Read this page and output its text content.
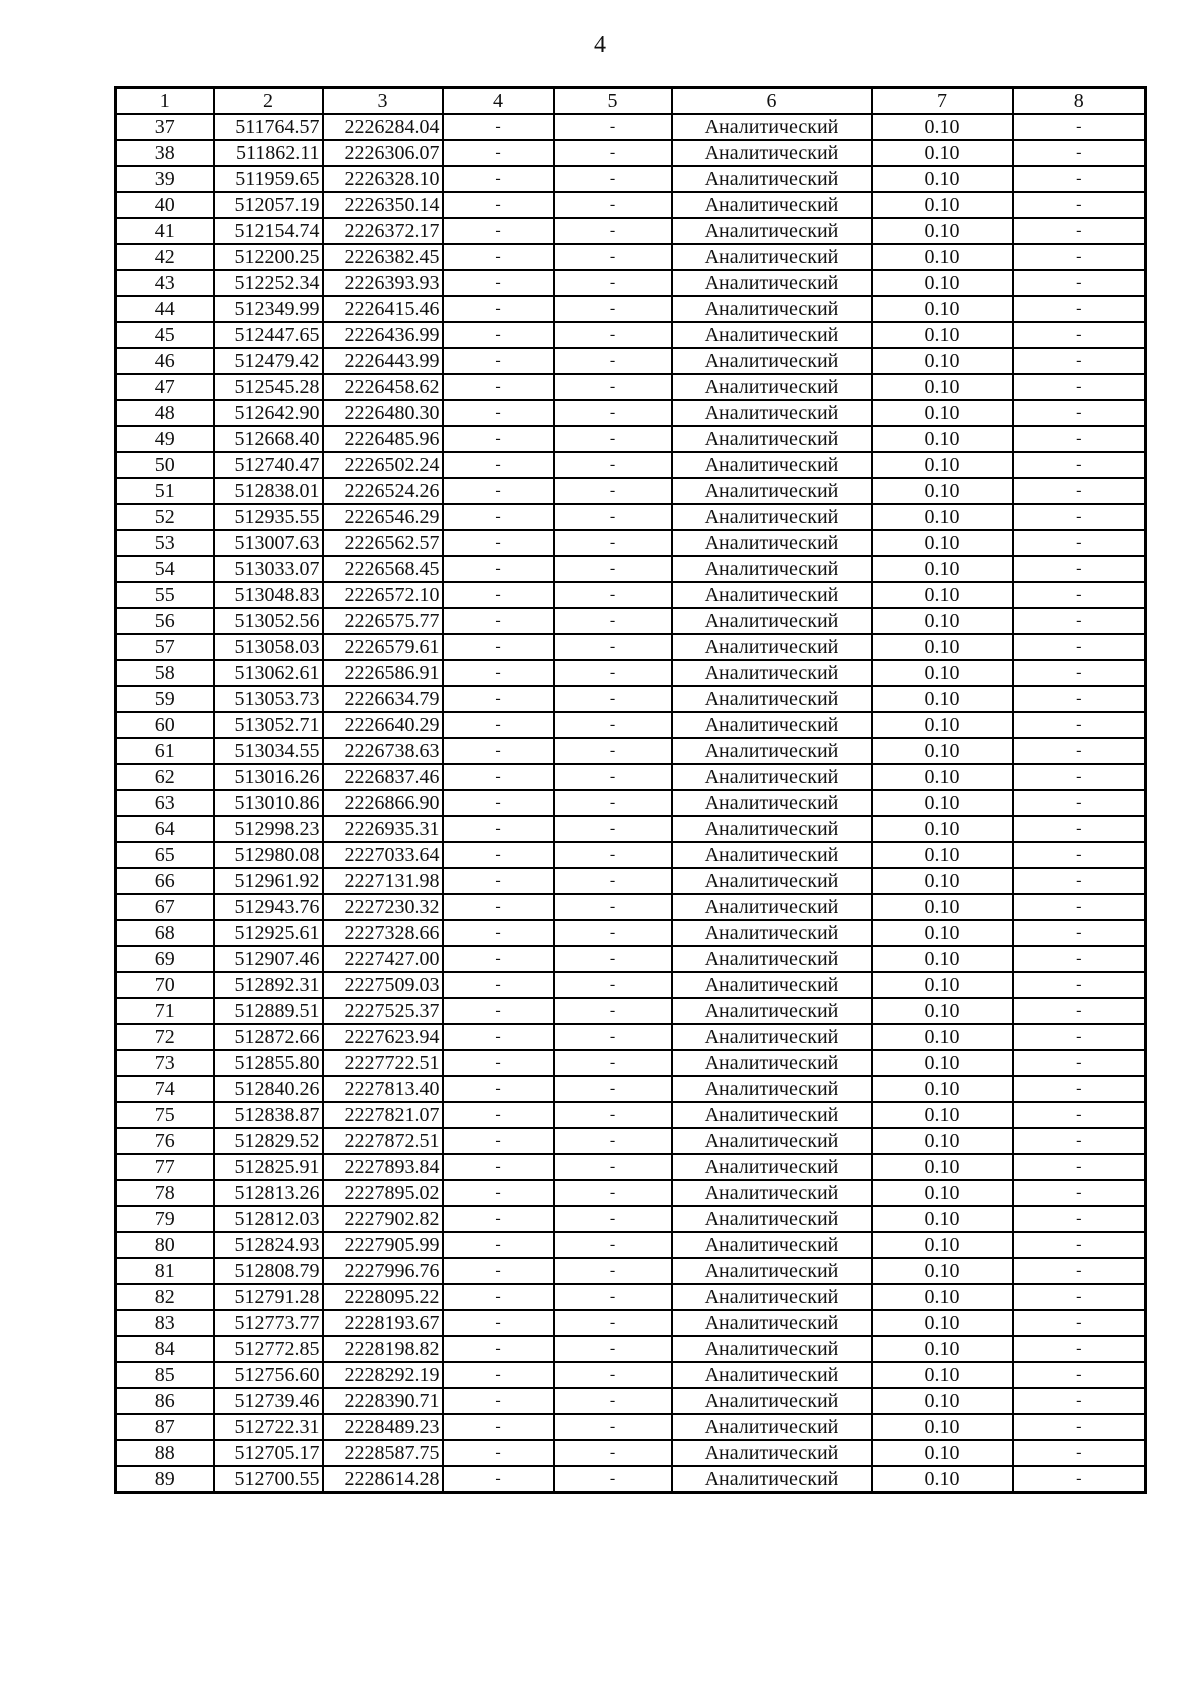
4
1	2	3	4	5	6	7	8
37	511764.57	2226284.04	-	-	Аналитический	0.10	-
38	511862.11	2226306.07	-	-	Аналитический	0.10	-
39	511959.65	2226328.10	-	-	Аналитический	0.10	-
40	512057.19	2226350.14	-	-	Аналитический	0.10	-
41	512154.74	2226372.17	-	-	Аналитический	0.10	-
42	512200.25	2226382.45	-	-	Аналитический	0.10	-
43	512252.34	2226393.93	-	-	Аналитический	0.10	-
44	512349.99	2226415.46	-	-	Аналитический	0.10	-
45	512447.65	2226436.99	-	-	Аналитический	0.10	-
46	512479.42	2226443.99	-	-	Аналитический	0.10	-
47	512545.28	2226458.62	-	-	Аналитический	0.10	-
48	512642.90	2226480.30	-	-	Аналитический	0.10	-
49	512668.40	2226485.96	-	-	Аналитический	0.10	-
50	512740.47	2226502.24	-	-	Аналитический	0.10	-
51	512838.01	2226524.26	-	-	Аналитический	0.10	-
52	512935.55	2226546.29	-	-	Аналитический	0.10	-
53	513007.63	2226562.57	-	-	Аналитический	0.10	-
54	513033.07	2226568.45	-	-	Аналитический	0.10	-
55	513048.83	2226572.10	-	-	Аналитический	0.10	-
56	513052.56	2226575.77	-	-	Аналитический	0.10	-
57	513058.03	2226579.61	-	-	Аналитический	0.10	-
58	513062.61	2226586.91	-	-	Аналитический	0.10	-
59	513053.73	2226634.79	-	-	Аналитический	0.10	-
60	513052.71	2226640.29	-	-	Аналитический	0.10	-
61	513034.55	2226738.63	-	-	Аналитический	0.10	-
62	513016.26	2226837.46	-	-	Аналитический	0.10	-
63	513010.86	2226866.90	-	-	Аналитический	0.10	-
64	512998.23	2226935.31	-	-	Аналитический	0.10	-
65	512980.08	2227033.64	-	-	Аналитический	0.10	-
66	512961.92	2227131.98	-	-	Аналитический	0.10	-
67	512943.76	2227230.32	-	-	Аналитический	0.10	-
68	512925.61	2227328.66	-	-	Аналитический	0.10	-
69	512907.46	2227427.00	-	-	Аналитический	0.10	-
70	512892.31	2227509.03	-	-	Аналитический	0.10	-
71	512889.51	2227525.37	-	-	Аналитический	0.10	-
72	512872.66	2227623.94	-	-	Аналитический	0.10	-
73	512855.80	2227722.51	-	-	Аналитический	0.10	-
74	512840.26	2227813.40	-	-	Аналитический	0.10	-
75	512838.87	2227821.07	-	-	Аналитический	0.10	-
76	512829.52	2227872.51	-	-	Аналитический	0.10	-
77	512825.91	2227893.84	-	-	Аналитический	0.10	-
78	512813.26	2227895.02	-	-	Аналитический	0.10	-
79	512812.03	2227902.82	-	-	Аналитический	0.10	-
80	512824.93	2227905.99	-	-	Аналитический	0.10	-
81	512808.79	2227996.76	-	-	Аналитический	0.10	-
82	512791.28	2228095.22	-	-	Аналитический	0.10	-
83	512773.77	2228193.67	-	-	Аналитический	0.10	-
84	512772.85	2228198.82	-	-	Аналитический	0.10	-
85	512756.60	2228292.19	-	-	Аналитический	0.10	-
86	512739.46	2228390.71	-	-	Аналитический	0.10	-
87	512722.31	2228489.23	-	-	Аналитический	0.10	-
88	512705.17	2228587.75	-	-	Аналитический	0.10	-
89	512700.55	2228614.28	-	-	Аналитический	0.10	-
